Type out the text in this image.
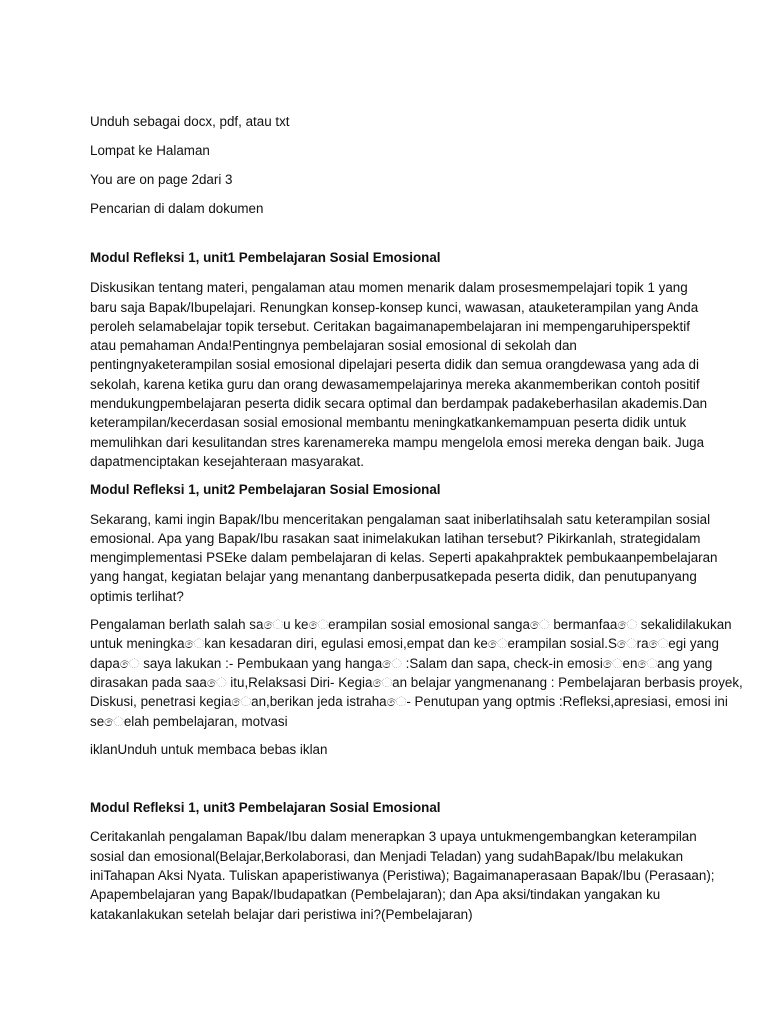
Unduh sebagai docx, pdf, atau txt

Lompat ke Halaman

You are on page 2dari 3

Pencarian di dalam dokumen

Modul Refleksi 1, unit1 Pembelajaran Sosial Emosional

Diskusikan tentang materi, pengalaman atau momen menarik dalam prosesmempelajari topik 1 yang

baru saja Bapak/Ibupelajari. Renungkan konsep-konsep kunci, wawasan, atauketerampilan yang Anda

peroleh selamabelajar topik tersebut. Ceritakan bagaimanapembelajaran ini mempengaruhiperspektif

atau pemahaman Anda!Pentingnya pembelajaran sosial emosional di sekolah dan

pentingnyaketerampilan sosial emosional dipelajari peserta didik dan semua orangdewasa yang ada di

sekolah, karena ketika guru dan orang dewasamempelajarinya mereka akanmemberikan contoh positif

mendukungpembelajaran peserta didik secara optimal dan berdampak padakeberhasilan akademis.Dan

keterampilan/kecerdasan sosial emosional membantu meningkatkankemampuan peserta didik untuk

memulihkan dari kesulitandan stres karenamereka mampu mengelola emosi mereka dengan baik. Juga

dapatmenciptakan kesejahteraan masyarakat.

Modul Refleksi 1, unit2 Pembelajaran Sosial Emosional

Sekarang, kami ingin Bapak/Ibu menceritakan pengalaman saat iniberlatihsalah satu keterampilan sosial

emosional. Apa yang Bapak/Ibu rasakan saat inimelakukan latihan tersebut? Pikirkanlah, strategidalam

mengimplementasi PSEke dalam pembelajaran di kelas. Seperti apakahpraktek pembukaanpembelajaran

yang hangat, kegiatan belajar yang menantang danberpusatkepada peserta didik, dan penutupanyang

optimis terlihat?

Pengalaman berlath salah saෙu keෙerampilan sosial emosional sangaෙ bermanfaaෙ sekalidilakukan

untuk meningkaෙkan kesadaran diri, egulasi emosi,empat dan keෙerampilan sosial.Sෙraෙegi yang

dapaෙ saya lakukan :- Pembukaan yang hangaෙ :Salam dan sapa, check-in emosiෙenෙang yang

dirasakan pada saaෙ itu,Relaksasi Diri- Kegiaෙan belajar yangmenanang : Pembelajaran berbasis proyek,

Diskusi, penetrasi kegiaෙan,berikan jeda istrahaෙ- Penutupan yang optmis :Refleksi,apresiasi, emosi ini

seෙelah pembelajaran, motvasi

iklanUnduh untuk membaca bebas iklan

Modul Refleksi 1, unit3 Pembelajaran Sosial Emosional

Ceritakanlah pengalaman Bapak/Ibu dalam menerapkan 3 upaya untukmengembangkan keterampilan

sosial dan emosional(Belajar,Berkolaborasi, dan Menjadi Teladan) yang sudahBapak/Ibu melakukan

iniTahapan Aksi Nyata. Tuliskan apaperistiwanya (Peristiwa); Bagaimanaperasaan Bapak/Ibu (Perasaan);

Apapembelajaran yang Bapak/Ibudapatkan (Pembelajaran); dan Apa aksi/tindakan yangakan ku

katakanlakukan setelah belajar dari peristiwa ini?(Pembelajaran)
